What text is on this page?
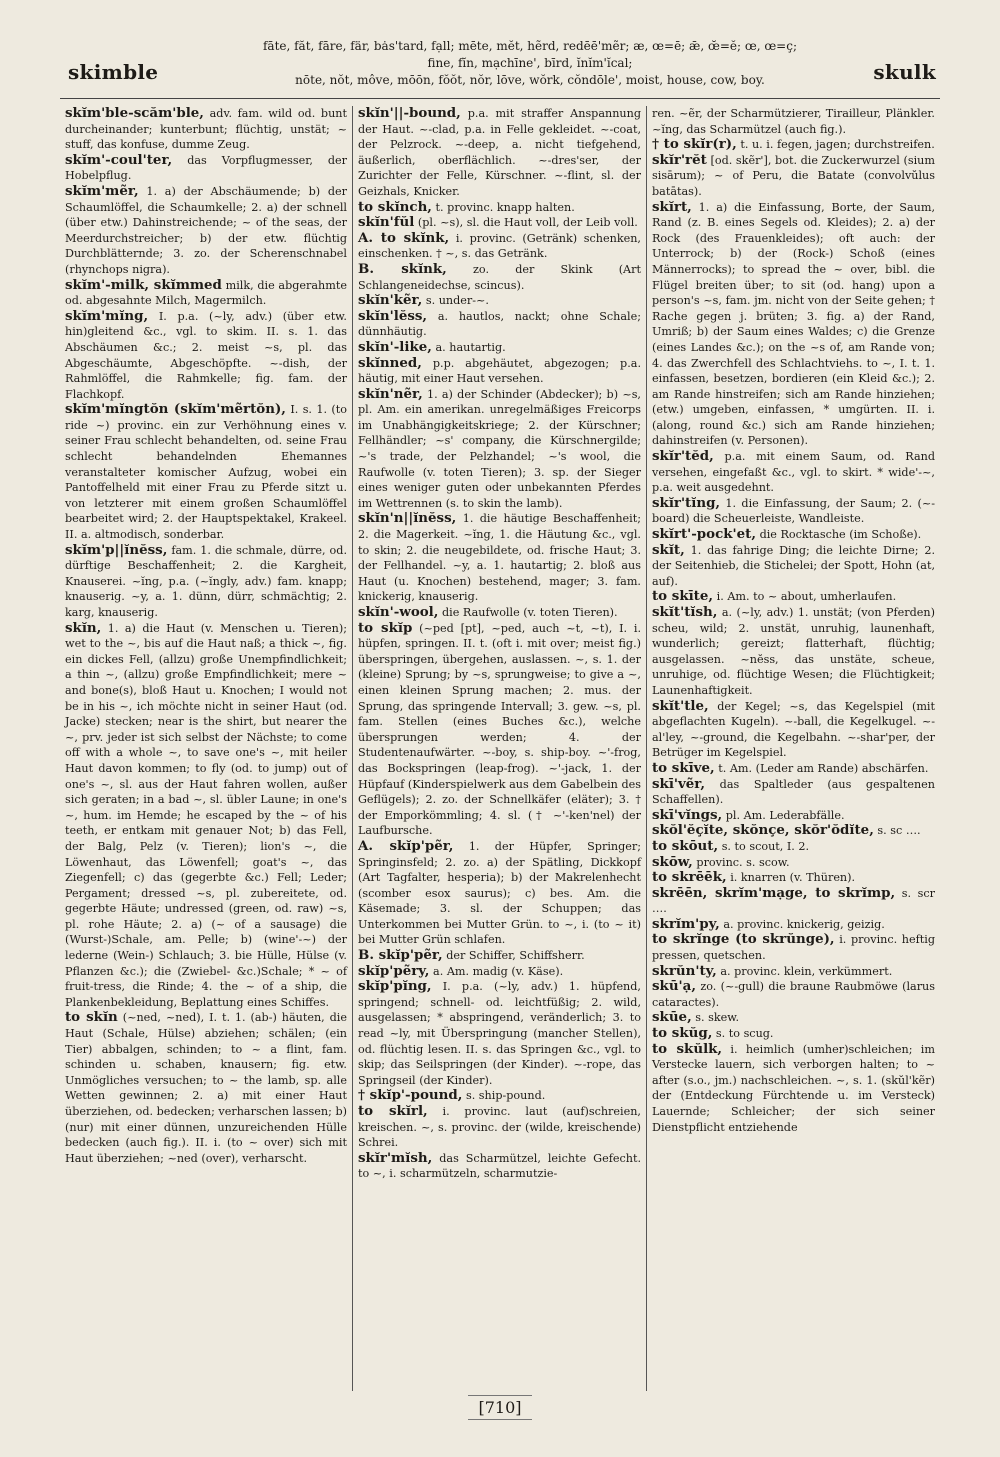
skimble
fāte, făt, fāre, fär, bȧs'tard, fạll; mēte, mĕt, hẽrd, redēē'mẽr; æ, œ=ē; ǣ, œ̆=ĕ; œ, œ=ç;
fine, fĭn, mạchīne', bīrd, ĭnĭm'ĭcal;
nōte, nŏt, môve, mōōn, fŏŏt, nŏr, lōve, wŏrk, cŏndōle', moist, house, cow, boy.	skulk

skĭm'ble-scăm'ble, adv. fam. wild od. bunt durcheinander; kunterbunt; flüchtig, unstät; ~ stuff, das konfuse, dumme Zeug.

skĭm'-coul'ter, das Vorpflugmesser, der Hobelpflug.

skĭm'mẽr, 1. a) der Abschäumende; b) der Schaumlöffel, die Schaumkelle; 2. a) der schnell (über etw.) Dahinstreichende; ~ of the seas, der Meerdurchstreicher; b) der etw. flüchtig Durchblätternde; 3. zo. der Scherenschnabel (rhynchops nigra).

skĭm'-milk, skĭmmed milk, die abgerahmte od. abgesahnte Milch, Magermilch.

skĭm'mĭng, I. p.a. (~ly, adv.) (über etw. hin)gleitend &c., vgl. to skim. II. s. 1. das Abschäumen &c.; 2. meist ~s, pl. das Abgeschäumte, Abgeschöpfte. ~-dish, der Rahmlöffel, die Rahmkelle; fig. fam. der Flachkopf.

skĭm'mĭngtŏn (skĭm'mẽrtŏn), I. s. 1. (to ride ~) provinc. ein zur Verhöhnung eines v. seiner Frau schlecht behandelten, od. seine Frau schlecht behandelnden Ehemannes veranstalteter komischer Aufzug, wobei ein Pantoffelheld mit einer Frau zu Pferde sitzt u. von letzterer mit einem großen Schaumlöffel bearbeitet wird; 2. der Hauptspektakel, Krakeel. II. a. altmodisch, sonderbar.

skĭm'p||ĭnĕss, fam. 1. die schmale, dürre, od. dürftige Beschaffenheit; 2. die Kargheit, Knauserei. ~ĭng, p.a. (~ĭngly, adv.) fam. knapp; knauserig. ~y, a. 1. dünn, dürr, schmächtig; 2. karg, knauserig.

skĭn, 1. a) die Haut (v. Menschen u. Tieren); wet to the ~, bis auf die Haut naß; a thick ~, fig. ein dickes Fell, (allzu) große Unempfindlichkeit; a thin ~, (allzu) große Empfindlichkeit; mere ~ and bone(s), bloß Haut u. Knochen; I would not be in his ~, ich möchte nicht in seiner Haut (od. Jacke) stecken; near is the shirt, but nearer the ~, prv. jeder ist sich selbst der Nächste; to come off with a whole ~, to save one's ~, mit heiler Haut davon kommen; to fly (od. to jump) out of one's ~, sl. aus der Haut fahren wollen, außer sich geraten; in a bad ~, sl. übler Laune; in one's ~, hum. im Hemde; he escaped by the ~ of his teeth, er entkam mit genauer Not; b) das Fell, der Balg, Pelz (v. Tieren); lion's ~, die Löwenhaut, das Löwenfell; goat's ~, das Ziegenfell; c) das (gegerbte &c.) Fell; Leder; Pergament; dressed ~s, pl. zubereitete, od. gegerbte Häute; undressed (green, od. raw) ~s, pl. rohe Häute; 2. a) (~ of a sausage) die (Wurst-)Schale, am. Pelle; b) (wine'-~) der lederne (Wein-) Schlauch; 3. bie Hülle, Hülse (v. Pflanzen &c.); die (Zwiebel- &c.)Schale; * ~ of fruit-tress, die Rinde; 4. the ~ of a ship, die Plankenbekleidung, Beplattung eines Schiffes.

to skĭn (~ned, ~ned), I. t. 1. (ab-) häuten, die Haut (Schale, Hülse) abziehen; schälen; (ein Tier) abbalgen, schinden; to ~ a flint, fam. schinden u. schaben, knausern; fig. etw. Unmögliches versuchen; to ~ the lamb, sp. alle Wetten gewinnen; 2. a) mit einer Haut überziehen, od. bedecken; verharschen lassen; b) (nur) mit einer dünnen, unzureichenden Hülle bedecken (auch fig.). II. i. (to ~ over) sich mit Haut überziehen; ~ned (over), verharscht.

skĭn'||-bound, p.a. mit straffer Anspannung der Haut. ~-clad, p.a. in Felle gekleidet. ~-coat, der Pelzrock. ~-deep, a. nicht tiefgehend, äußerlich, oberflächlich. ~-dres'ser, der Zurichter der Felle, Kürschner. ~-flint, sl. der Geizhals, Knicker.

to skĭnch, t. provinc. knapp halten.

skĭn'fŭl (pl. ~s), sl. die Haut voll, der Leib voll.

A. to skĭnk, i. provinc. (Getränk) schenken, einschenken. † ~, s. das Getränk.

B. skĭnk, zo. der Skink (Art Schlangeneidechse, scincus).

skĭn'kẽr, s. under-~.

skĭn'lĕss, a. hautlos, nackt; ohne Schale; dünnhäutig.

skĭn'-like, a. hautartig.

skĭnned, p.p. abgehäutet, abgezogen; p.a. häutig, mit einer Haut versehen.

skĭn'nẽr, 1. a) der Schinder (Abdecker); b) ~s, pl. Am. ein amerikan. unregelmäßiges Freicorps im Unabhängigkeitskriege; 2. der Kürschner; Fellhändler; ~s' company, die Kürschnergilde; ~'s trade, der Pelzhandel; ~'s wool, die Raufwolle (v. toten Tieren); 3. sp. der Sieger eines weniger guten oder unbekannten Pferdes im Wettrennen (s. to skin the lamb).

skĭn'n||ĭnĕss, 1. die häutige Beschaffenheit; 2. die Magerkeit. ~ĭng, 1. die Häutung &c., vgl. to skin; 2. die neugebildete, od. frische Haut; 3. der Fellhandel. ~y, a. 1. hautartig; 2. bloß aus Haut (u. Knochen) bestehend, mager; 3. fam. knickerig, knauserig.

skĭn'-wool, die Raufwolle (v. toten Tieren).

to skĭp (~ped [pt], ~ped, auch ~t, ~t), I. i. hüpfen, springen. II. t. (oft i. mit over; meist fig.) überspringen, übergehen, auslassen. ~, s. 1. der (kleine) Sprung; by ~s, sprungweise; to give a ~, einen kleinen Sprung machen; 2. mus. der Sprung, das springende Intervall; 3. gew. ~s, pl. fam. Stellen (eines Buches &c.), welche übersprungen werden; 4. der Studentenaufwärter. ~-boy, s. ship-boy. ~'-frog, das Bockspringen (leap-frog). ~'-jack, 1. der Hüpfauf (Kinderspielwerk aus dem Gabelbein des Geflügels); 2. zo. der Schnellkäfer (eläter); 3. † der Emporkömmling; 4. sl. († ~'-ken'nel) der Laufbursche.

A. skĭp'pẽr, 1. der Hüpfer, Springer; Springinsfeld; 2. zo. a) der Spätling, Dickkopf (Art Tagfalter, hesperia); b) der Makrelenhecht (scomber esox saurus); c) bes. Am. die Käsemade; 3. sl. der Schuppen; das Unterkommen bei Mutter Grün. to ~, i. (to ~ it) bei Mutter Grün schlafen.

B. skĭp'pẽr, der Schiffer, Schiffsherr.

skĭp'pẽry, a. Am. madig (v. Käse).

skĭp'pĭng, I. p.a. (~ly, adv.) 1. hüpfend, springend; schnell- od. leichtfüßig; 2. wild, ausgelassen; * abspringend, veränderlich; 3. to read ~ly, mit Überspringung (mancher Stellen), od. flüchtig lesen. II. s. das Springen &c., vgl. to skip; das Seilspringen (der Kinder). ~-rope, das Springseil (der Kinder).

† skĭp'-pound, s. ship-pound.

to skĭrl, i. provinc. laut (auf)schreien, kreischen. ~, s. provinc. der (wilde, kreischende) Schrei.

skĭr'mĭsh, das Scharmützel, leichte Gefecht. to ~, i. scharmützeln, scharmutzie-

ren. ~ẽr, der Scharmützierer, Tirailleur, Plänkler. ~ĭng, das Scharmützel (auch fig.).

† to skĭr(r), t. u. i. fegen, jagen; durchstreifen.

skĭr'rĕt [od. skẽr'], bot. die Zuckerwurzel (sium sisārum); ~ of Peru, die Batate (convolvŭlus batātas).

skĭrt, 1. a) die Einfassung, Borte, der Saum, Rand (z. B. eines Segels od. Kleides); 2. a) der Rock (des Frauenkleides); oft auch: der Unterrock; b) der (Rock-) Schoß (eines Männerrocks); to spread the ~ over, bibl. die Flügel breiten über; to sit (od. hang) upon a person's ~s, fam. jm. nicht von der Seite gehen; † Rache gegen j. brüten; 3. fig. a) der Rand, Umriß; b) der Saum eines Waldes; c) die Grenze (eines Landes &c.); on the ~s of, am Rande von; 4. das Zwerchfell des Schlachtviehs. to ~, I. t. 1. einfassen, besetzen, bordieren (ein Kleid &c.); 2. am Rande hinstreifen; sich am Rande hinziehen; (etw.) umgeben, einfassen, * umgürten. II. i. (along, round &c.) sich am Rande hinziehen; dahinstreifen (v. Personen).

skĭr'tĕd, p.a. mit einem Saum, od. Rand versehen, eingefaßt &c., vgl. to skirt. * wide'-~, p.a. weit ausgedehnt.

skĭr'tĭng, 1. die Einfassung, der Saum; 2. (~-board) die Scheuerleiste, Wandleiste.

skĭrt'-pock'et, die Rocktasche (im Schoße).

skĭt, 1. das fahrige Ding; die leichte Dirne; 2. der Seitenhieb, die Stichelei; der Spott, Hohn (at, auf).

to skīte, i. Am. to ~ about, umherlaufen.

skĭt'tĭsh, a. (~ly, adv.) 1. unstät; (von Pferden) scheu, wild; 2. unstät, unruhig, launenhaft, wunderlich; gereizt; flatterhaft, flüchtig; ausgelassen. ~nĕss, das unstäte, scheue, unruhige, od. flüchtige Wesen; die Flüchtigkeit; Launenhaftigkeit.

skĭt'tle, der Kegel; ~s, das Kegelspiel (mit abgeflachten Kugeln). ~-ball, die Kegelkugel. ~-al'ley, ~-ground, die Kegelbahn. ~-shar'per, der Betrüger im Kegelspiel.

to skīve, t. Am. (Leder am Rande) abschärfen.

skī'vẽr, das Spaltleder (aus gespaltenen Schaffellen).

skī'vĭngs, pl. Am. Lederabfälle.

skŏl'ĕçĭte, skŏnçe, skŏr'ŏdĭte, s. sc ….

to skōut, s. to scout, I. 2.

skōw, provinc. s. scow.

to skrēēk, i. knarren (v. Thüren).

skrēēn, skrĭm'mạge, to skrĭmp, s. scr ….

skrĭm'py, a. provinc. knickerig, geizig.

to skrĭnge (to skrŭnge), i. provinc. heftig pressen, quetschen.

skrŭn'ty, a. provinc. klein, verkümmert.

skū'ạ, zo. (~-gull) die braune Raubmöwe (larus cataractes).

skūe, s. skew.

to skŭg, s. to scug.

to skŭlk, i. heimlich (umher)schleichen; im Verstecke lauern, sich verborgen halten; to ~ after (s.o., jm.) nachschleichen. ~, s. 1. (skŭl'kẽr) der (Entdeckung Fürchtende u. im Versteck) Lauernde; Schleicher; der sich seiner Dienstpflicht entziehende

[710]
